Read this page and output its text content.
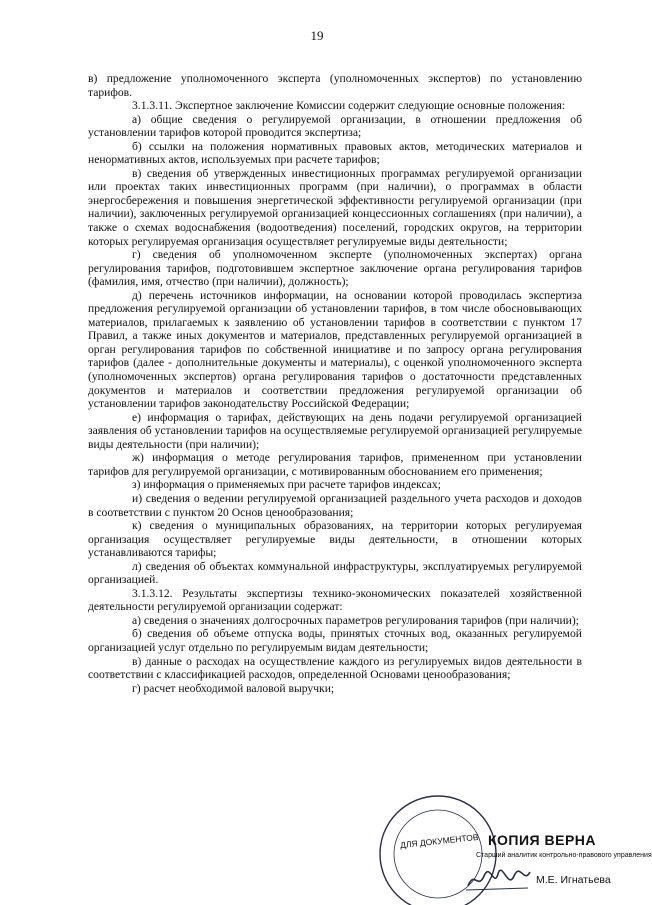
19

в) предложение уполномоченного эксперта (уполномоченных экспертов) по установлению тарифов.

3.1.3.11. Экспертное заключение Комиссии содержит следующие основные положения:

а) общие сведения о регулируемой организации, в отношении предложения об установлении тарифов которой проводится экспертиза;

б) ссылки на положения нормативных правовых актов, методических материалов и ненормативных актов, используемых при расчете тарифов;

в) сведения об утвержденных инвестиционных программах регулируемой организации или проектах таких инвестиционных программ (при наличии), о программах в области энергосбережения и повышения энергетической эффективности регулируемой организации (при наличии), заключенных регулируемой организацией концессионных соглашениях (при наличии), а также о схемах водоснабжения (водоотведения) поселений, городских округов, на территории которых регулируемая организация осуществляет регулируемые виды деятельности;

г) сведения об уполномоченном эксперте (уполномоченных экспертах) органа регулирования тарифов, подготовившем экспертное заключение органа регулирования тарифов (фамилия, имя, отчество (при наличии), должность);

д) перечень источников информации, на основании которой проводилась экспертиза предложения регулируемой организации об установлении тарифов, в том числе обосновывающих материалов, прилагаемых к заявлению об установлении тарифов в соответствии с пунктом 17 Правил, а также иных документов и материалов, представленных регулируемой организацией в орган регулирования тарифов по собственной инициативе и по запросу органа регулирования тарифов (далее - дополнительные документы и материалы), с оценкой уполномоченного эксперта (уполномоченных экспертов) органа регулирования тарифов о достаточности представленных документов и материалов и соответствии предложения регулируемой организации об установлении тарифов законодательству Российской Федерации;

е) информация о тарифах, действующих на день подачи регулируемой организацией заявления об установлении тарифов на осуществляемые регулируемой организацией регулируемые виды деятельности (при наличии);

ж) информация о методе регулирования тарифов, примененном при установлении тарифов для регулируемой организации, с мотивированным обоснованием его применения;

з) информация о применяемых при расчете тарифов индексах;

и) сведения о ведении регулируемой организацией раздельного учета расходов и доходов в соответствии с пунктом 20 Основ ценообразования;

к) сведения о муниципальных образованиях, на территории которых регулируемая организация осуществляет регулируемые виды деятельности, в отношении которых устанавливаются тарифы;

л) сведения об объектах коммунальной инфраструктуры, эксплуатируемых регулируемой организацией.

3.1.3.12. Результаты экспертизы технико-экономических показателей хозяйственной деятельности регулируемой организации содержат:

а) сведения о значениях долгосрочных параметров регулирования тарифов (при наличии);

б) сведения об объеме отпуска воды, принятых сточных вод, оказанных регулируемой организацией услуг отдельно по регулируемым видам деятельности;

в) данные о расходах на осуществление каждого из регулируемых видов деятельности в соответствии с классификацией расходов, определенной Основами ценообразования;

г) расчет необходимой валовой выручки;

ДЛЯ ДОКУМЕНТОВ КОПИЯ ВЕРНА
Старший аналитик контрольно-правового управления
М.Е. Игнатьева
